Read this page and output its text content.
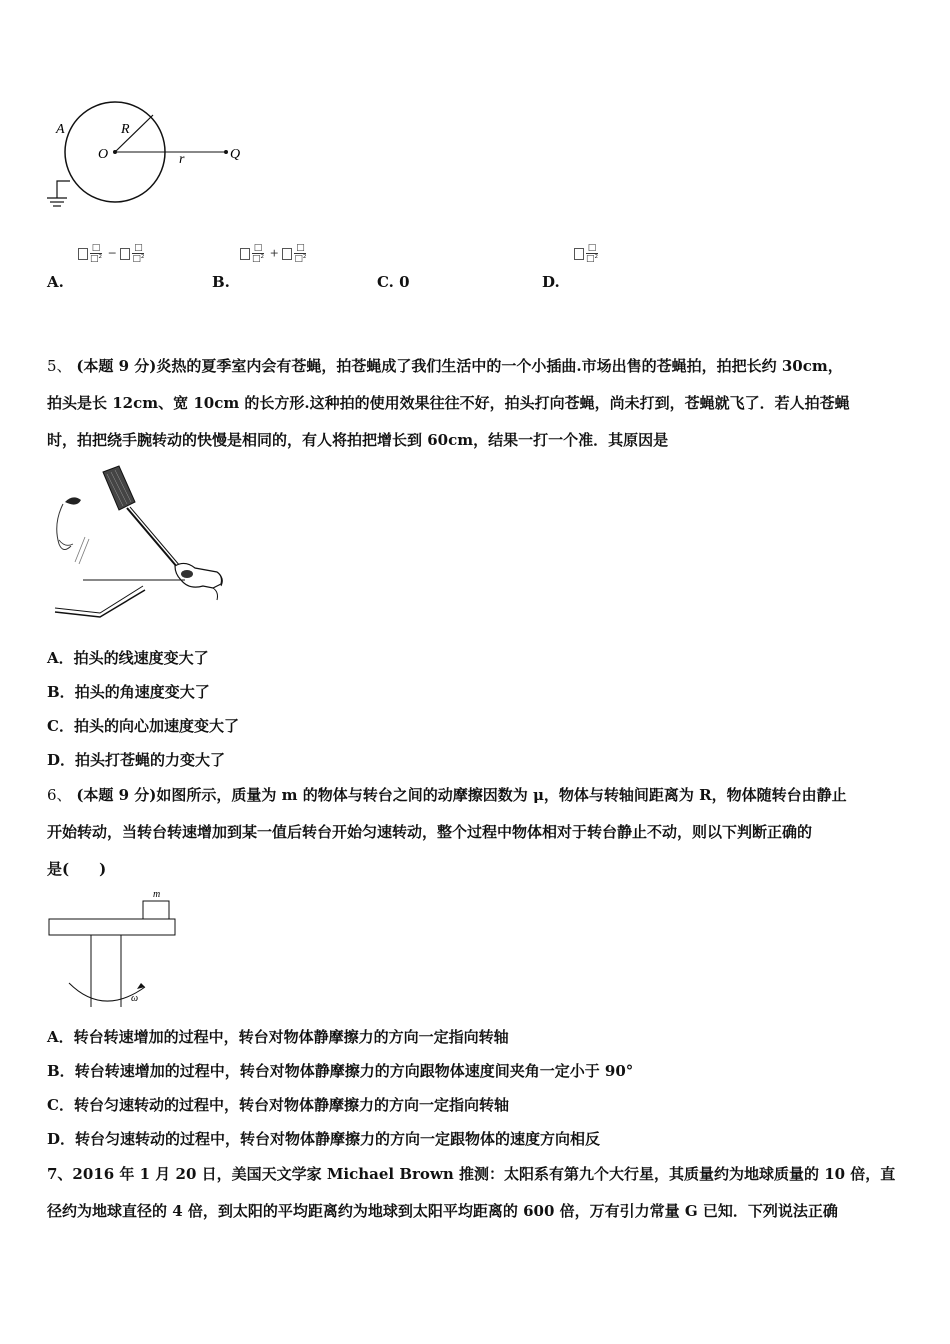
A	R
O	r	Q
$\frac{□}{\text{□²}} - \frac{□}{\text{□²}}$	$\frac{□}{\text{□²}} + \frac{□}{\text{□²}}$	$\frac{□}{\text{□²}}$
A.	B.	C. 0	D.
5、 (本题 9 分)炎热的夏季室内会有苍蝇，拍苍蝇成了我们生活中的一个小插曲.市场出售的苍蝇拍，拍把长约 30cm，
拍头是长 12cm、宽 10cm 的长方形.这种拍的使用效果往往不好，拍头打向苍蝇，尚未打到，苍蝇就飞了．若人拍苍蝇
时，拍把绕手腕转动的快慢是相同的，有人将拍把增长到 60cm，结果一打一个准．其原因是
A．拍头的线速度变大了
B．拍头的角速度变大了
C．拍头的向心加速度变大了
D．拍头打苍蝇的力变大了
6、 (本题 9 分)如图所示，质量为 m 的物体与转台之间的动摩擦因数为 μ，物体与转轴间距离为 R，物体随转台由静止
开始转动，当转台转速增加到某一值后转台开始匀速转动，整个过程中物体相对于转台静止不动，则以下判断正确的
是(　　)
m
ω
A．转台转速增加的过程中，转台对物体静摩擦力的方向一定指向转轴
B．转台转速增加的过程中，转台对物体静摩擦力的方向跟物体速度间夹角一定小于 90°
C．转台匀速转动的过程中，转台对物体静摩擦力的方向一定指向转轴
D．转台匀速转动的过程中，转台对物体静摩擦力的方向一定跟物体的速度方向相反
7、2016 年 1 月 20 日，美国天文学家 Michael Brown 推测：太阳系有第九个大行星，其质量约为地球质量的 10 倍，直
径约为地球直径的 4 倍，到太阳的平均距离约为地球到太阳平均距离的 600 倍，万有引力常量 G 已知．下列说法正确
